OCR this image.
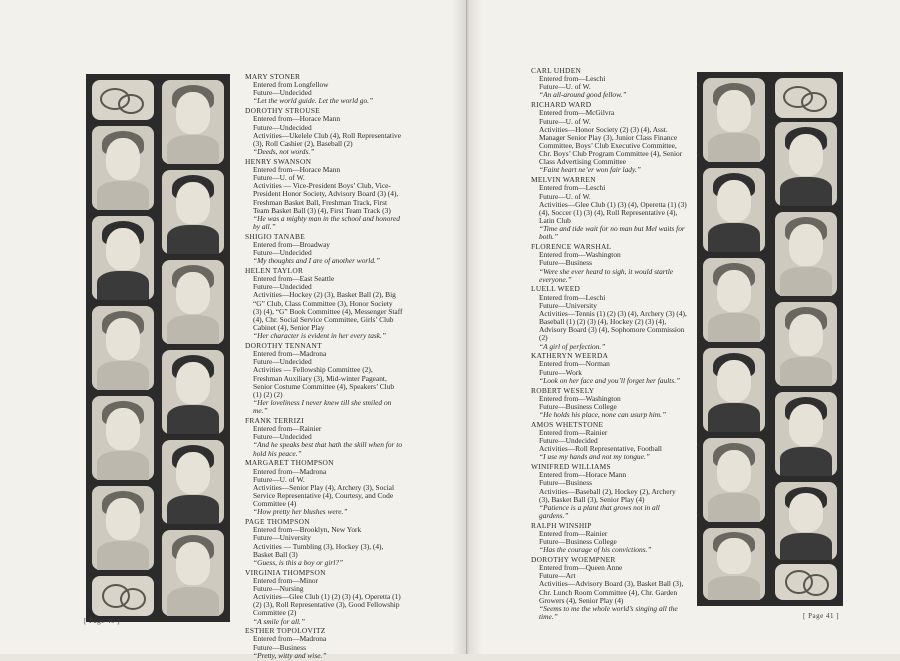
MARY STONER
Entered from Longfellow
Future—Undecided
“Let the world guide. Let the world go.”
DOROTHY STROUSE
Entered from—Horace Mann
Future—Undecided
Activities—Ukelele Club (4), Roll Representative (3), Roll Cashier (2), Baseball (2)
“Deeds, not words.”
HENRY SWANSON
Entered from—Horace Mann
Future—U. of W.
Activities — Vice-President Boys’ Club, Vice-President Honor Society, Advisory Board (3) (4), Freshman Basket Ball, Freshman Track, First Team Basket Ball (3) (4), First Team Track (3)
“He was a mighty man in the school and honored by all.”
SHIGIO TANABE
Entered from—Broadway
Future—Undecided
“My thoughts and I are of another world.”
HELEN TAYLOR
Entered from—East Seattle
Future—Undecided
Activities—Hockey (2) (3), Basket Ball (2), Big “G” Club, Class Committee (3), Honor Society (3) (4), “G” Book Committee (4), Messenger Staff (4), Chr. Social Service Committee, Girls’ Club Cabinet (4), Senior Play
“Her character is evident in her every task.”
DOROTHY TENNANT
Entered from—Madrona
Future—Undecided
Activities — Fellowship Committee (2), Freshman Auxiliary (3), Mid-winter Pageant, Senior Costume Committee (4), Speakers’ Club (1) (2) (2)
“Her loveliness I never knew till she smiled on me.”
FRANK TERRIZI
Entered from—Rainier
Future—Undecided
“And he speaks best that hath the skill when for to hold his peace.”
MARGARET THOMPSON
Entered from—Madrona
Future—U. of W.
Activities—Senior Play (4), Archery (3), Social Service Representative (4), Courtesy, and Code Committee (4)
“How pretty her blushes were.”
PAGE THOMPSON
Entered from—Brooklyn, New York
Future—University
Activities — Tumbling (3), Hockey (3), (4), Basket Ball (3)
“Guess, is this a boy or girl?”
VIRGINIA THOMPSON
Entered from—Minor
Future—Nursing
Activities—Glee Club (1) (2) (3) (4), Operetta (1) (2) (3), Roll Representative (3), Good Fellowship Committee (2)
“A smile for all.”
ESTHER TOPOLOVITZ
Entered from—Madrona
Future—Business
“Pretty, witty and wise.”
[ Page 40 ]
CARL UHDEN
Entered from—Leschi
Future—U. of W.
“An all-around good fellow.”
RICHARD WARD
Entered from—McGilvra
Future—U. of W.
Activities—Honor Society (2) (3) (4), Asst. Manager Senior Play (3), Junior Class Finance Committee, Boys’ Club Executive Committee, Chr. Boys’ Club Program Committee (4), Senior Class Advertising Committee
“Faint heart ne’er won fair lady.”
MELVIN WARREN
Entered from—Leschi
Future—U. of W.
Activities—Glee Club (1) (3) (4), Operetta (1) (3) (4), Soccer (1) (3) (4), Roll Representative (4), Latin Club
“Time and tide wait for no man but Mel waits for both.”
FLORENCE WARSHAL
Entered from—Washington
Future—Business
“Were she ever heard to sigh, it would startle everyone.”
LUELL WEED
Entered from—Leschi
Future—University
Activities—Tennis (1) (2) (3) (4), Archery (3) (4), Baseball (1) (2) (3) (4), Hockey (2) (3) (4), Advisory Board (3) (4), Sophomore Commission (2)
“A girl of perfection.”
KATHERYN WEERDA
Entered from—Norman
Future—Work
“Look on her face and you’ll forget her faults.”
ROBERT WESELY
Entered from—Washington
Future—Business College
“He holds his place, none can usurp him.”
AMOS WHETSTONE
Entered from—Rainier
Future—Undecided
Activities—Roll Representative, Football
“I use my hands and not my tongue.”
WINIFRED WILLIAMS
Entered from—Horace Mann
Future—Business
Activities—Baseball (2), Hockey (2), Archery (3), Basket Ball (3), Senior Play (4)
“Patience is a plant that grows not in all gardens.”
RALPH WINSHIP
Entered from—Rainier
Future—Business College
“Has the courage of his convictions.”
DOROTHY WOEMPNER
Entered from—Queen Anne
Future—Art
Activities—Advisory Board (3), Basket Ball (3), Chr. Lunch Room Committee (4), Chr. Garden Growers (4), Senior Play (4)
“Seems to me the whole world’s singing all the time.”	[ Page 41 ]
